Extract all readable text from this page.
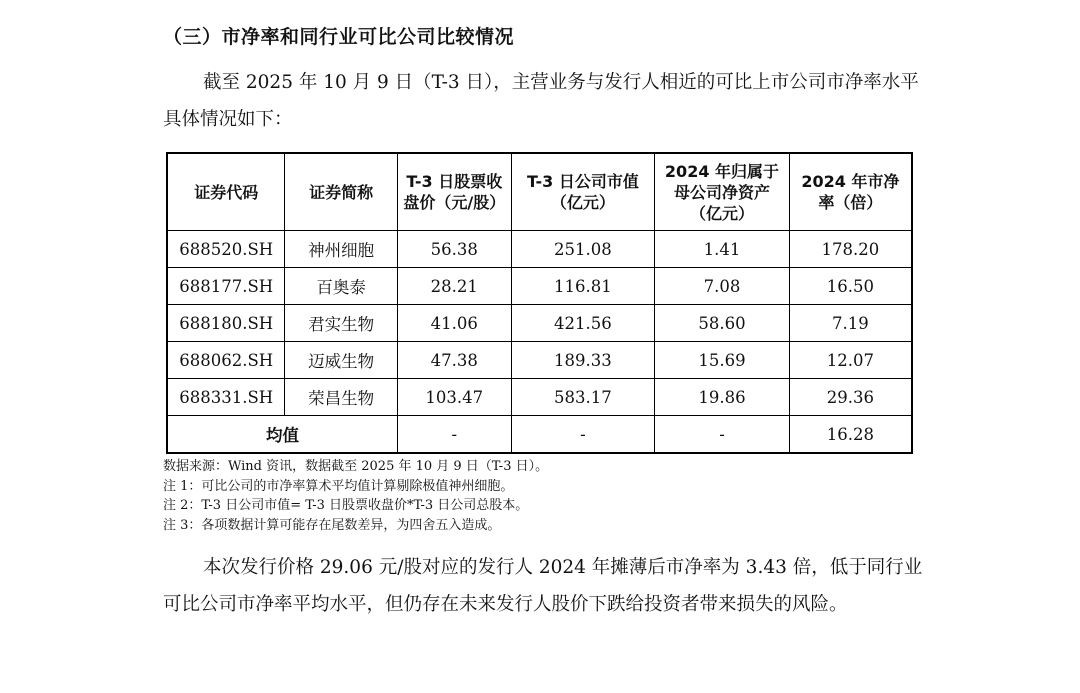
（三）市净率和同行业可比公司比较情况
截至 2025 年 10 月 9 日（T-3 日），主营业务与发行人相近的可比上市公司市净率水平具体情况如下：
证券代码	证券简称	T-3 日股票收盘价（元/股）	T-3 日公司市值（亿元）	2024 年归属于母公司净资产（亿元）	2024 年市净率（倍）
688520.SH	神州细胞	56.38	251.08	1.41	178.20
688177.SH	百奥泰	28.21	116.81	7.08	16.50
688180.SH	君实生物	41.06	421.56	58.60	7.19
688062.SH	迈威生物	47.38	189.33	15.69	12.07
688331.SH	荣昌生物	103.47	583.17	19.86	29.36
均值		-	-	-	16.28
数据来源：Wind 资讯，数据截至 2025 年 10 月 9 日（T-3 日）。
注 1：可比公司的市净率算术平均值计算剔除极值神州细胞。
注 2：T-3 日公司市值= T-3 日股票收盘价*T-3 日公司总股本。
注 3：各项数据计算可能存在尾数差异，为四舍五入造成。
本次发行价格 29.06 元/股对应的发行人 2024 年摊薄后市净率为 3.43 倍，低于同行业可比公司市净率平均水平，但仍存在未来发行人股价下跌给投资者带来损失的风险。
